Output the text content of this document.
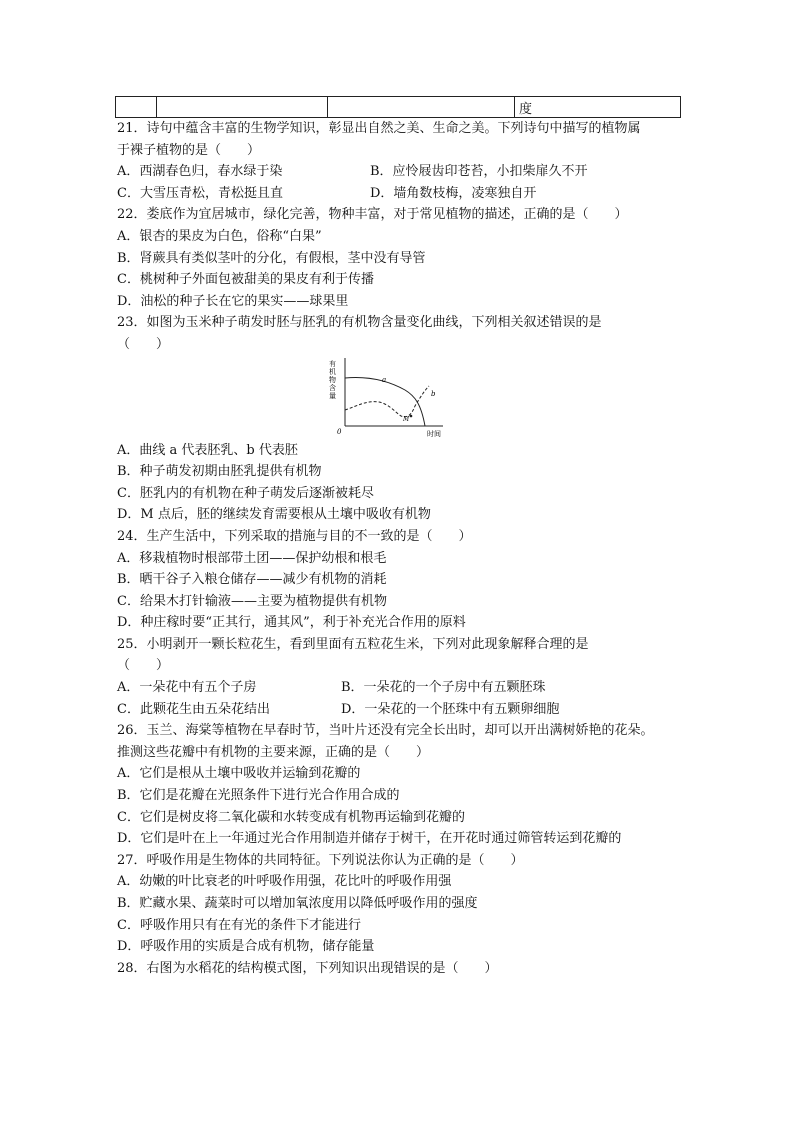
			度
21．诗句中蕴含丰富的生物学知识，彰显出自然之美、生命之美。下列诗句中描写的植物属
于裸子植物的是（　　）
A．西湖春色归，春水绿于染	B．应怜屐齿印苍苔，小扣柴扉久不开
C．大雪压青松，青松挺且直	D．墙角数枝梅，凌寒独自开
22．娄底作为宜居城市，绿化完善，物种丰富，对于常见植物的描述，正确的是（　　）
A．银杏的果皮为白色，俗称“白果”
B．肾蕨具有类似茎叶的分化，有假根，茎中没有导管
C．桃树种子外面包被甜美的果皮有利于传播
D．油松的种子长在它的果实——球果里
23．如图为玉米种子萌发时胚与胚乳的有机物含量变化曲线，下列相关叙述错误的是
（　　）
有 机 物 含 量
0	时间
a
b
M
A．曲线 a 代表胚乳、b 代表胚
B．种子萌发初期由胚乳提供有机物
C．胚乳内的有机物在种子萌发后逐渐被耗尽
D．M 点后，胚的继续发育需要根从土壤中吸收有机物
24．生产生活中，下列采取的措施与目的不一致的是（　　）
A．移栽植物时根部带土团——保护幼根和根毛
B．晒干谷子入粮仓储存——减少有机物的消耗
C．给果木打针输液——主要为植物提供有机物
D．种庄稼时要“正其行，通其风”，利于补充光合作用的原料
25．小明剥开一颗长粒花生，看到里面有五粒花生米，下列对此现象解释合理的是
（　　）
A．一朵花中有五个子房	B．一朵花的一个子房中有五颗胚珠
C．此颗花生由五朵花结出	D．一朵花的一个胚珠中有五颗卵细胞
26．玉兰、海棠等植物在早春时节，当叶片还没有完全长出时，却可以开出满树娇艳的花朵。
推测这些花瓣中有机物的主要来源，正确的是（　　）
A．它们是根从土壤中吸收并运输到花瓣的
B．它们是花瓣在光照条件下进行光合作用合成的
C．它们是树皮将二氧化碳和水转变成有机物再运输到花瓣的
D．它们是叶在上一年通过光合作用制造并储存于树干，在开花时通过筛管转运到花瓣的
27．呼吸作用是生物体的共同特征。下列说法你认为正确的是（　　）
A．幼嫩的叶比衰老的叶呼吸作用强，花比叶的呼吸作用强
B．贮藏水果、蔬菜时可以增加氧浓度用以降低呼吸作用的强度
C．呼吸作用只有在有光的条件下才能进行
D．呼吸作用的实质是合成有机物，储存能量
28．右图为水稻花的结构模式图，下列知识出现错误的是（　　）
